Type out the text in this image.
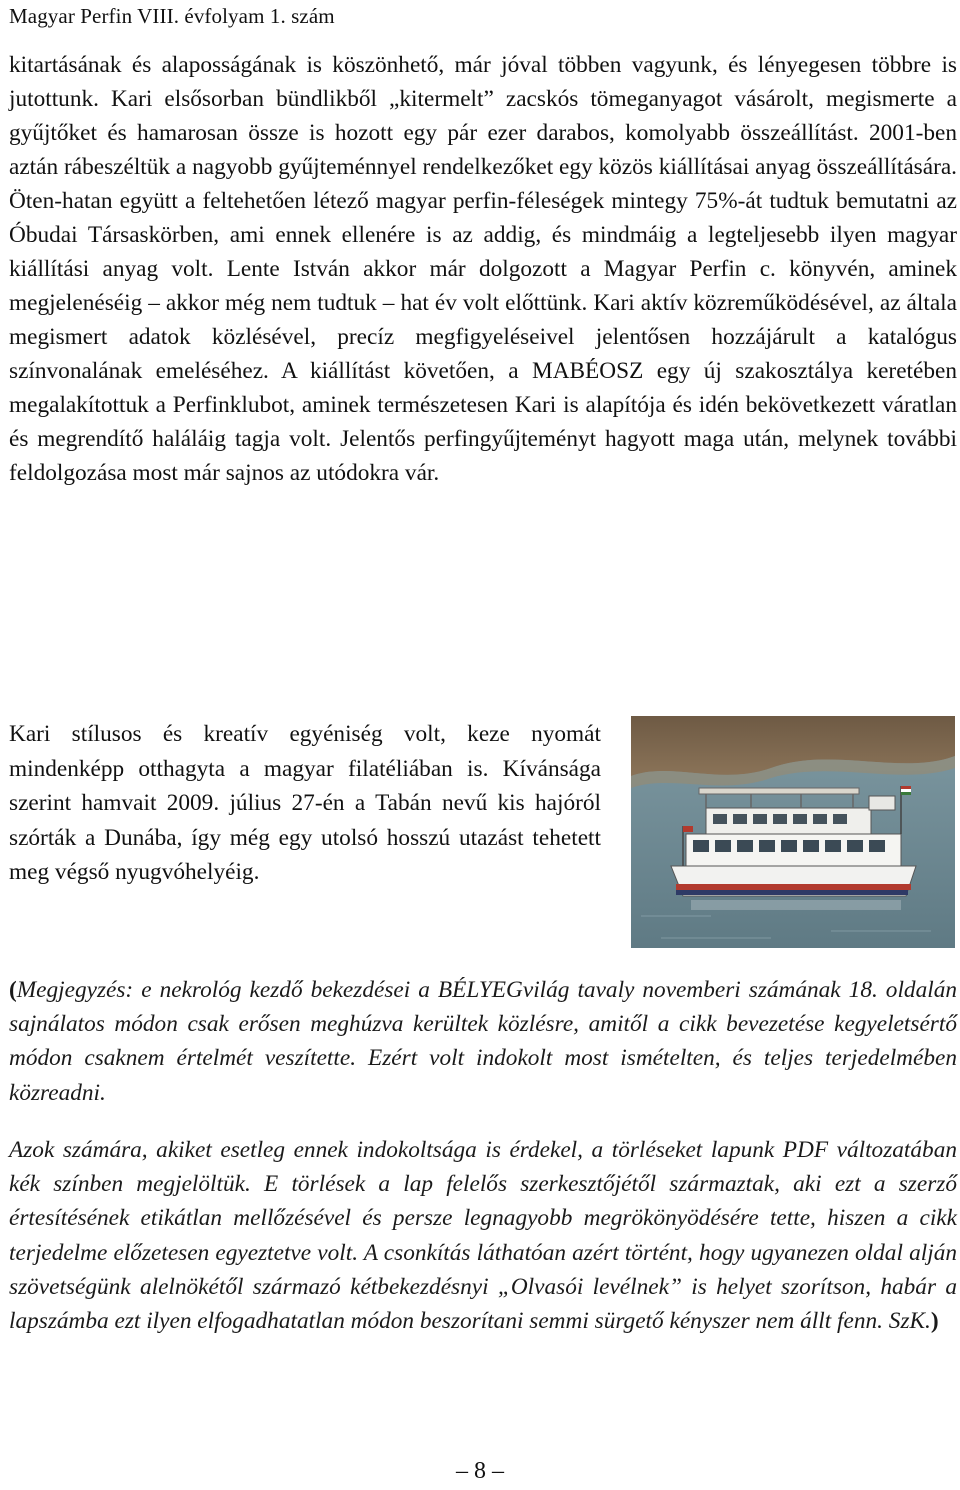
Magyar Perfin VIII. évfolyam 1. szám

kitartásának és alaposságának is köszönhető, már jóval többen vagyunk, és lényegesen többre is jutottunk. Kari elsősorban bündlikből „kitermelt” zacskós tömeganyagot vásárolt, megismerte a gyűjtőket és hamarosan össze is hozott egy pár ezer darabos, komolyabb összeállítást. 2001-ben aztán rábeszéltük a nagyobb gyűjteménnyel rendelkezőket egy közös kiállításai anyag összeállítására. Öten-hatan együtt a feltehetően létező magyar perfin-féleségek mintegy 75%-át tudtuk bemutatni az Óbudai Társaskörben, ami ennek ellenére is az addig, és mindmáig a legteljesebb ilyen magyar kiállítási anyag volt. Lente István akkor már dolgozott a Magyar Perfin c. könyvén, aminek megjelenéséig – akkor még nem tudtuk – hat év volt előttünk. Kari aktív közreműködésével, az általa megismert adatok közlésével, precíz megfigyeléseivel jelentősen hozzájárult a katalógus színvonalának emeléséhez. A kiállítást követően, a MABÉOSZ egy új szakosztálya keretében megalakítottuk a Perfinklubot, aminek természetesen Kari is alapítója és idén bekövetkezett váratlan és megrendítő haláláig tagja volt. Jelentős perfingyűjteményt hagyott maga után, melynek további feldolgozása most már sajnos az utódokra vár.

Kari stílusos és kreatív egyéniség volt, keze nyomát mindenképp otthagyta a magyar filatéliában is. Kívánsága szerint hamvait 2009. július 27-én a Tabán nevű kis hajóról szórták a Dunába, így még egy utolsó hosszú utazást tehetett meg végső nyugvóhelyéig.

(Megjegyzés: e nekrológ kezdő bekezdései a BÉLYEGvilág tavaly novemberi számának 18. oldalán sajnálatos módon csak erősen meghúzva kerültek közlésre, amitől a cikk bevezetése kegyeletsértő módon csaknem értelmét veszítette. Ezért volt indokolt most ismételten, és teljes terjedelmében közreadni.

Azok számára, akiket esetleg ennek indokoltsága is érdekel, a törléseket lapunk PDF változatában kék színben megjelöltük. E törlések a lap felelős szerkesztőjétől származtak, aki ezt a szerző értesítésének etikátlan mellőzésével és persze legnagyobb megrökönyödésére tette, hiszen a cikk terjedelme előzetesen egyeztetve volt. A csonkítás láthatóan azért történt, hogy ugyanezen oldal alján szövetségünk alelnökétől származó kétbekezdésnyi „Olvasói levélnek” is helyet szorítson, habár a lapszámba ezt ilyen elfogadhatatlan módon beszorítani semmi sürgető kényszer nem állt fenn. SzK.)

– 8 –
